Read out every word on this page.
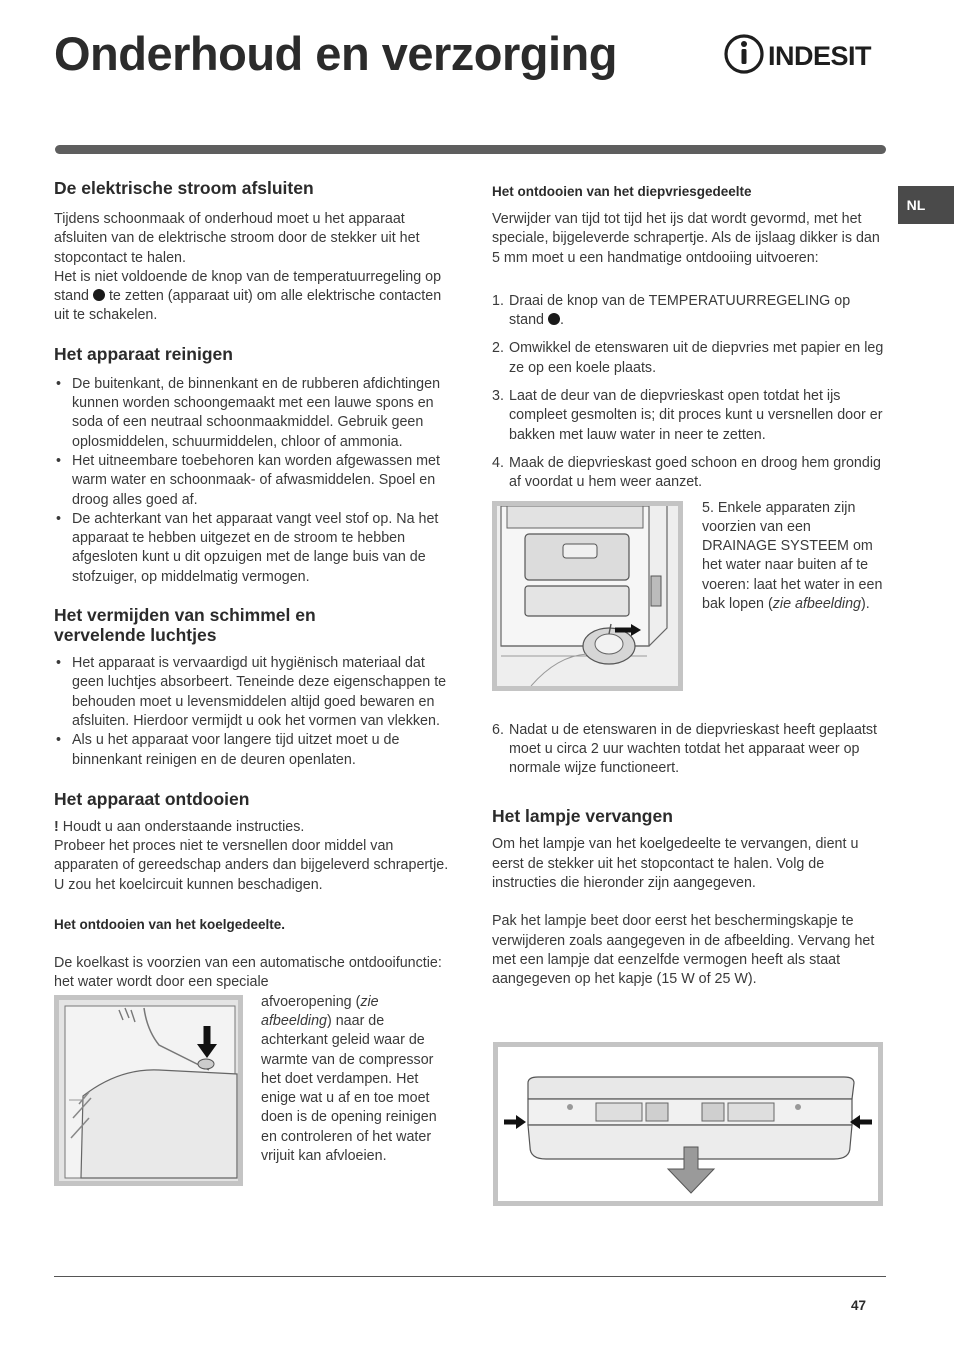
Onderhoud en verzorging	INDESIT
NL
De elektrische stroom afsluiten

Tijdens schoonmaak of onderhoud moet u het apparaat afsluiten van de elektrische stroom door de stekker uit het stopcontact te halen.

Het is niet voldoende de knop van de temperatuurregeling op stand te zetten (apparaat uit) om alle elektrische contacten uit te schakelen.

Het apparaat reinigen
• De buitenkant, de binnenkant en de rubberen afdichtingen kunnen worden schoongemaakt met een lauwe spons en soda of een neutraal schoonmaakmiddel. Gebruik geen oplosmiddelen, schuurmiddelen, chloor of ammonia.
• Het uitneembare toebehoren kan worden afgewassen met warm water en schoonmaak- of afwasmiddelen. Spoel en droog alles goed af.
• De achterkant van het apparaat vangt veel stof op. Na het apparaat te hebben uitgezet en de stroom te hebben afgesloten kunt u dit opzuigen met de lange buis van de stofzuiger, op middelmatig vermogen.
Het vermijden van schimmel en
vervelende luchtjes
• Het apparaat is vervaardigd uit hygiënisch materiaal dat geen luchtjes absorbeert. Teneinde deze eigenschappen te behouden moet u levensmiddelen altijd goed bewaren en afsluiten. Hierdoor vermijdt u ook het vormen van vlekken.
• Als u het apparaat voor langere tijd uitzet moet u de binnenkant reinigen en de deuren openlaten.
Het apparaat ontdooien

! Houdt u aan onderstaande instructies.

Probeer het proces niet te versnellen door middel van apparaten of gereedschap anders dan bijgeleverd schrapertje. U zou het koelcircuit kunnen beschadigen.

Het ontdooien van het koelgedeelte.

De koelkast is voorzien van een automatische ontdooifunctie: het water wordt door een speciale

afvoeropening (zie afbeelding) naar de achterkant geleid waar de warmte van de compressor het doet verdampen. Het enige wat u af en toe moet doen is de opening reinigen en controleren of het water vrijuit kan afvloeien.

Het ontdooien van het diepvriesgedeelte

Verwijder van tijd tot tijd het ijs dat wordt gevormd, met het speciale, bijgeleverde schrapertje. Als de ijslaag dikker is dan 5 mm moet u een handmatige ontdooiing uitvoeren:

1. Draai de knop van de TEMPERATUURREGELING op stand .
2. Omwikkel de etenswaren uit de diepvries met papier en leg ze op een koele plaats.
3. Laat de deur van de diepvrieskast open totdat het ijs compleet gesmolten is; dit proces kunt u versnellen door er bakken met lauw water in neer te zetten.
4. Maak de diepvrieskast goed schoon en droog hem grondig af voordat u hem weer aanzet.

5. Enkele apparaten zijn voorzien van een DRAINAGE SYSTEEM om het water naar buiten af te voeren: laat het water in een bak lopen (zie afbeelding).

6. Nadat u de etenswaren in de diepvrieskast heeft geplaatst moet u circa 2 uur wachten totdat het apparaat weer op normale wijze functioneert.
Het lampje vervangen

Om het lampje van het koelgedeelte te vervangen, dient u eerst de stekker uit het stopcontact te halen. Volg de instructies die hieronder zijn aangegeven.

Pak het lampje beet door eerst het beschermingskapje te verwijderen zoals aangegeven in de afbeelding. Vervang het met een lampje dat eenzelfde vermogen heeft als staat aangegeven op het kapje (15 W of 25 W).

47
